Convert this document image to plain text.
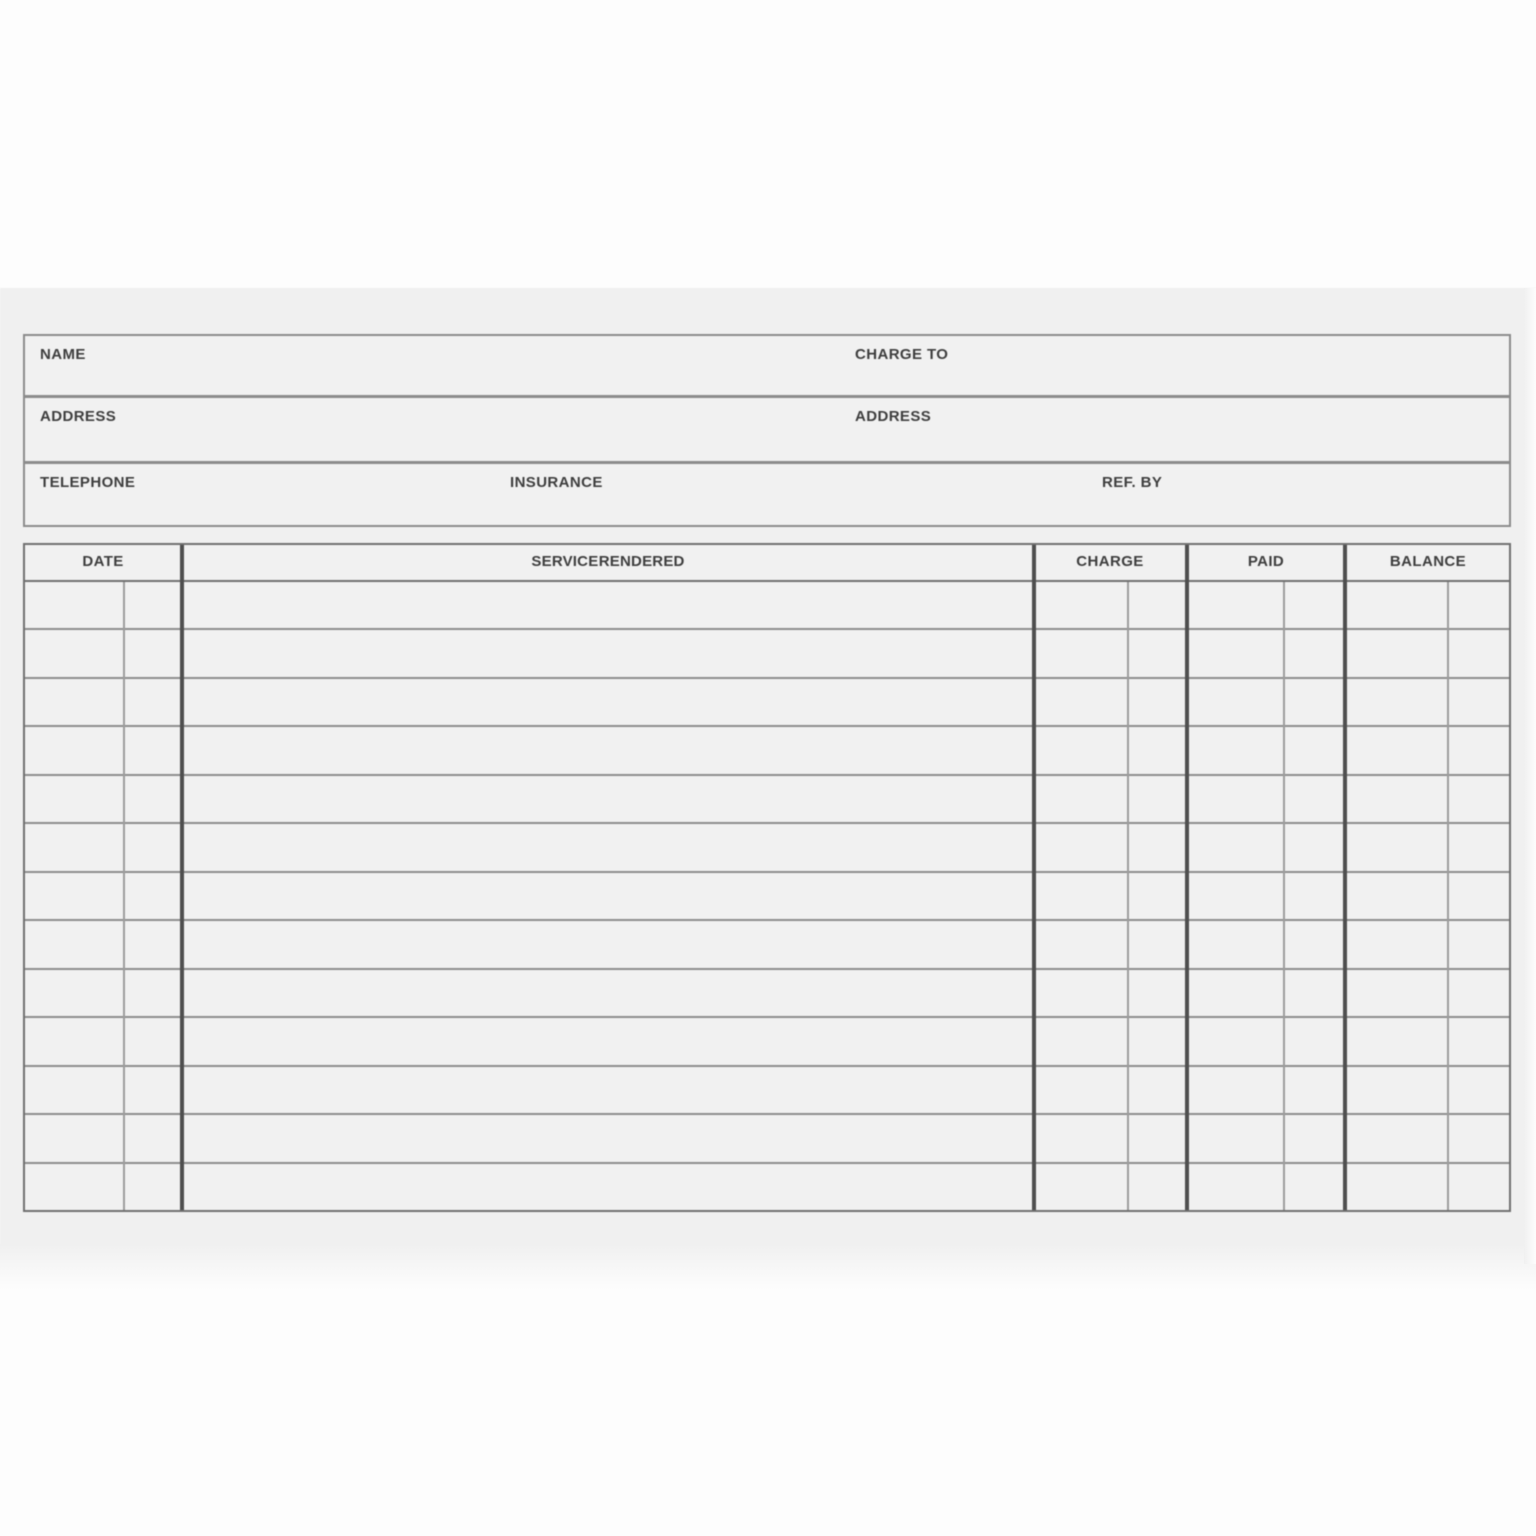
NAME	CHARGE TO
ADDRESS	ADDRESS
TELEPHONE	INSURANCE	REF. BY
DATE	SERVICE RENDERED	CHARGE	PAID	BALANCE
